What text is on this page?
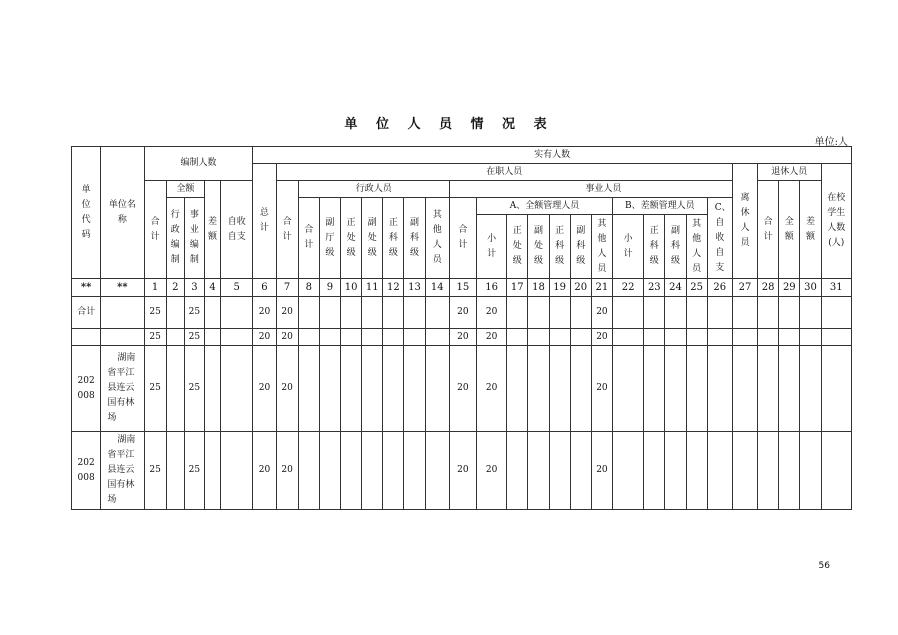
单 位 人 员 情 况 表
单位:人
单位代码	单位名称	编制人数					实有人数																									
							总计	在职人员																				离休人员	退休人员			在校学生人数(人)
		合计	全额		差额	自收自支		合计	行政人员							事业人员													合计	全额	差额	
			行政编制	事业编制					合计	副厅级	正处级	副处级	正科级	副科级	其他人员	合计	A、全额管理人员						B、差额管理人员				C、自收自支					
																	小计	正处级	副处级	正科级	副科级	其他人员	小计	正科级	副科级	其他人员						

**	**	1	2	3	4	5	6	7	8	9	10	11	12	13	14	15	16	17	18	19	20	21	22	23	24	25	26	27	28	29	30	31
合计		25		25			20	20								20	20					20										
		25		25			20	20								20	20					20										
202008	湖南省平江县连云国有林场	25		25			20	20								20	20					20										
202008	湖南省平江县连云国有林场	25		25			20	20								20	20					20										
56
